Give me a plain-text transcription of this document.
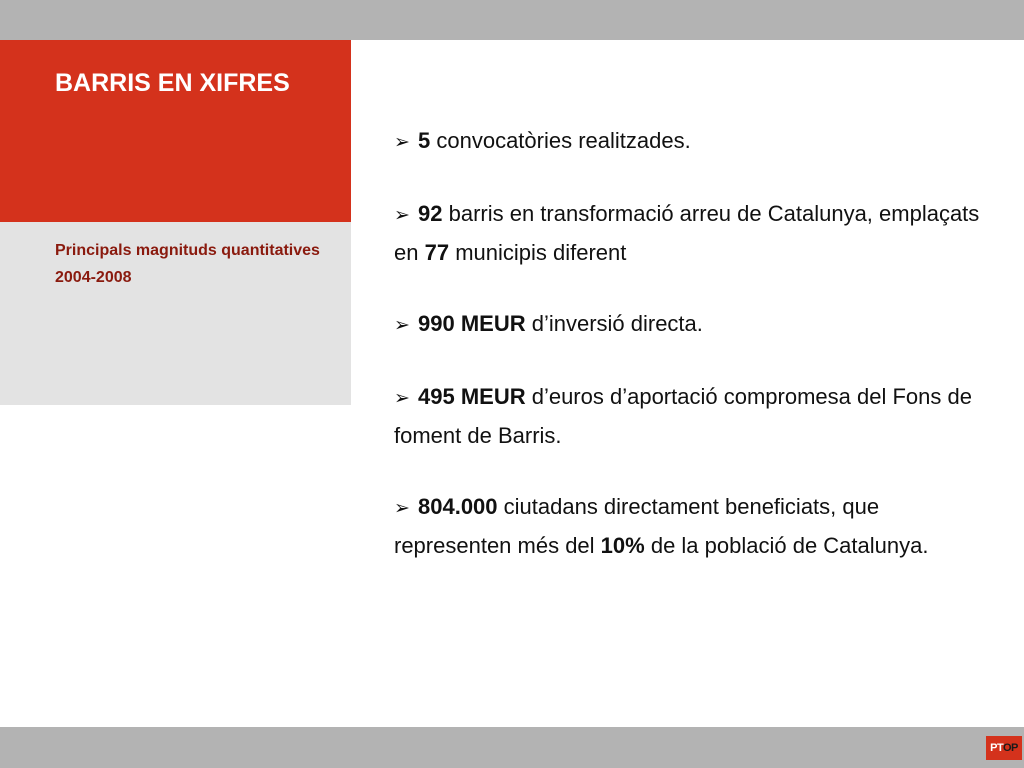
BARRIS EN XIFRES

Principals magnituds quantitatives 2004-2008

➢ 5 convocatòries realitzades.

➢ 92 barris en transformació arreu de Catalunya, emplaçats en 77 municipis diferent

➢ 990 MEUR d’inversió directa.

➢ 495 MEUR d’euros d’aportació compromesa del Fons de foment de Barris.

➢ 804.000 ciutadans directament beneficiats, que representen més del 10% de la població de Catalunya.

PTOP
